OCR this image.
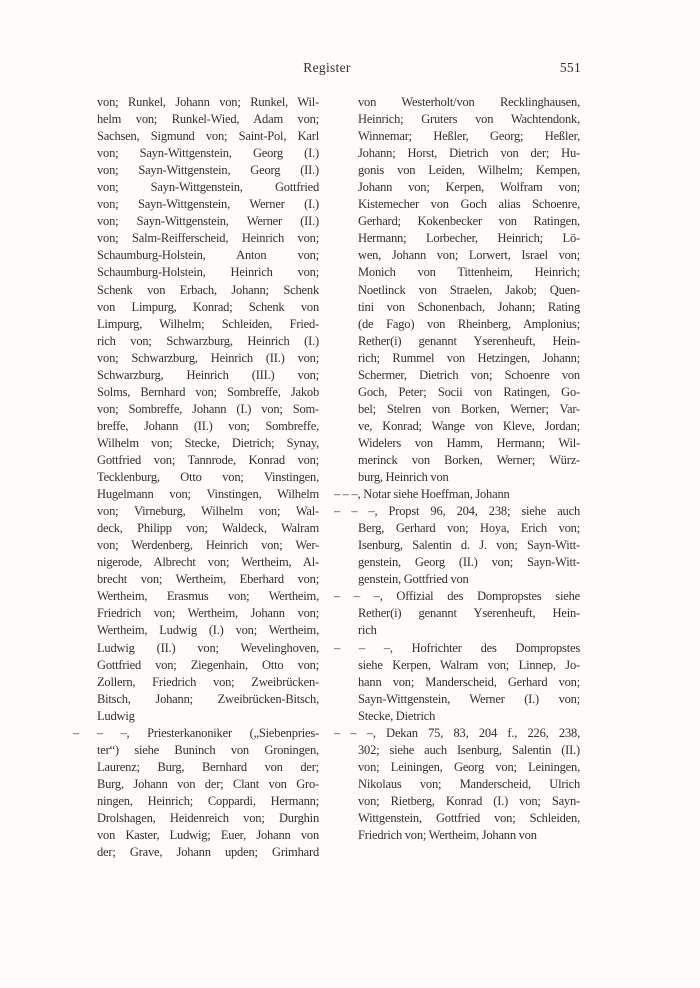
Register	551
von; Runkel, Johann von; Runkel, Wil-
helm von; Runkel-Wied, Adam von;
Sachsen, Sigmund von; Saint-Pol, Karl
von; Sayn-Wittgenstein, Georg (I.)
von; Sayn-Wittgenstein, Georg (II.)
von; Sayn-Wittgenstein, Gottfried
von; Sayn-Wittgenstein, Werner (I.)
von; Sayn-Wittgenstein, Werner (II.)
von; Salm-Reifferscheid, Heinrich von;
Schaumburg-Holstein, Anton von;
Schaumburg-Holstein, Heinrich von;
Schenk von Erbach, Johann; Schenk
von Limpurg, Konrad; Schenk von
Limpurg, Wilhelm; Schleiden, Fried-
rich von; Schwarzburg, Heinrich (I.)
von; Schwarzburg, Heinrich (II.) von;
Schwarzburg, Heinrich (III.) von;
Solms, Bernhard von; Sombreffe, Jakob
von; Sombreffe, Johann (I.) von; Som-
breffe, Johann (II.) von; Sombreffe,
Wilhelm von; Stecke, Dietrich; Synay,
Gottfried von; Tannrode, Konrad von;
Tecklenburg, Otto von; Vinstingen,
Hugelmann von; Vinstingen, Wilhelm
von; Virneburg, Wilhelm von; Wal-
deck, Philipp von; Waldeck, Walram
von; Werdenberg, Heinrich von; Wer-
nigerode, Albrecht von; Wertheim, Al-
brecht von; Wertheim, Eberhard von;
Wertheim, Erasmus von; Wertheim,
Friedrich von; Wertheim, Johann von;
Wertheim, Ludwig (I.) von; Wertheim,
Ludwig (II.) von; Wevelinghoven,
Gottfried von; Ziegenhain, Otto von;
Zollern, Friedrich von; Zweibrücken-
Bitsch, Johann; Zweibrücken-Bitsch,
Ludwig
– – –, Priesterkanoniker („Siebenpries-
ter“) siehe Buninch von Groningen,
Laurenz; Burg, Bernhard von der;
Burg, Johann von der; Clant von Gro-
ningen, Heinrich; Coppardi, Hermann;
Drolshagen, Heidenreich von; Durghin
von Kaster, Ludwig; Euer, Johann von
der; Grave, Johann upden; Grimhard
von Westerholt/von Recklinghausen,
Heinrich; Gruters von Wachtendonk,
Winnemar; Heßler, Georg; Heßler,
Johann; Horst, Dietrich von der; Hu-
gonis von Leiden, Wilhelm; Kempen,
Johann von; Kerpen, Wolfram von;
Kistemecher von Goch alias Schoenre,
Gerhard; Kokenbecker von Ratingen,
Hermann; Lorbecher, Heinrich; Lö-
wen, Johann von; Lorwert, Israel von;
Monich von Tittenheim, Heinrich;
Noetlinck von Straelen, Jakob; Quen-
tini von Schonenbach, Johann; Rating
(de Fago) von Rheinberg, Amplonius;
Rether(i) genannt Yserenheuft, Hein-
rich; Rummel von Hetzingen, Johann;
Schermer, Dietrich von; Schoenre von
Goch, Peter; Socii von Ratingen, Go-
bel; Stelren von Borken, Werner; Var-
ve, Konrad; Wange von Kleve, Jordan;
Widelers von Hamm, Hermann; Wil-
merinck von Borken, Werner; Würz-
burg, Heinrich von
– – –, Notar siehe Hoeffman, Johann
– – –, Propst 96, 204, 238; siehe auch
Berg, Gerhard von; Hoya, Erich von;
Isenburg, Salentin d. J. von; Sayn-Witt-
genstein, Georg (II.) von; Sayn-Witt-
genstein, Gottfried von
– – –, Offizial des Dompropstes siehe
Rether(i) genannt Yserenheuft, Hein-
rich
– – –, Hofrichter des Dompropstes
siehe Kerpen, Walram von; Linnep, Jo-
hann von; Manderscheid, Gerhard von;
Sayn-Wittgenstein, Werner (I.) von;
Stecke, Dietrich
– – –, Dekan 75, 83, 204 f., 226, 238,
302; siehe auch Isenburg, Salentin (II.)
von; Leiningen, Georg von; Leiningen,
Nikolaus von; Manderscheid, Ulrich
von; Rietberg, Konrad (I.) von; Sayn-
Wittgenstein, Gottfried von; Schleiden,
Friedrich von; Wertheim, Johann von
